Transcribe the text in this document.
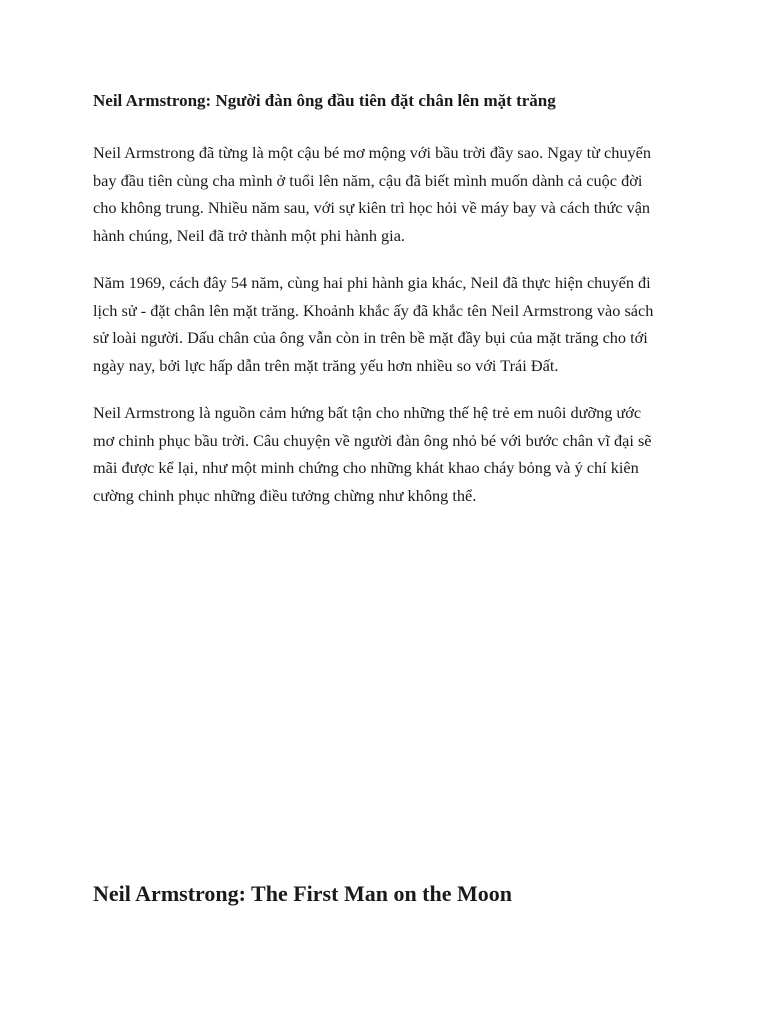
Neil Armstrong: Người đàn ông đầu tiên đặt chân lên mặt trăng

Neil Armstrong đã từng là một cậu bé mơ mộng với bầu trời đầy sao. Ngay từ chuyến bay đầu tiên cùng cha mình ở tuổi lên năm, cậu đã biết mình muốn dành cả cuộc đời cho không trung. Nhiều năm sau, với sự kiên trì học hỏi về máy bay và cách thức vận hành chúng, Neil đã trở thành một phi hành gia.

Năm 1969, cách đây 54 năm, cùng hai phi hành gia khác, Neil đã thực hiện chuyến đi lịch sử - đặt chân lên mặt trăng. Khoảnh khắc ấy đã khắc tên Neil Armstrong vào sách sử loài người. Dấu chân của ông vẫn còn in trên bề mặt đầy bụi của mặt trăng cho tới ngày nay, bởi lực hấp dẫn trên mặt trăng yếu hơn nhiều so với Trái Đất.

Neil Armstrong là nguồn cảm hứng bất tận cho những thế hệ trẻ em nuôi dưỡng ước mơ chinh phục bầu trời. Câu chuyện về người đàn ông nhỏ bé với bước chân vĩ đại sẽ mãi được kể lại, như một minh chứng cho những khát khao cháy bỏng và ý chí kiên cường chinh phục những điều tưởng chừng như không thể.

Neil Armstrong: The First Man on the Moon
